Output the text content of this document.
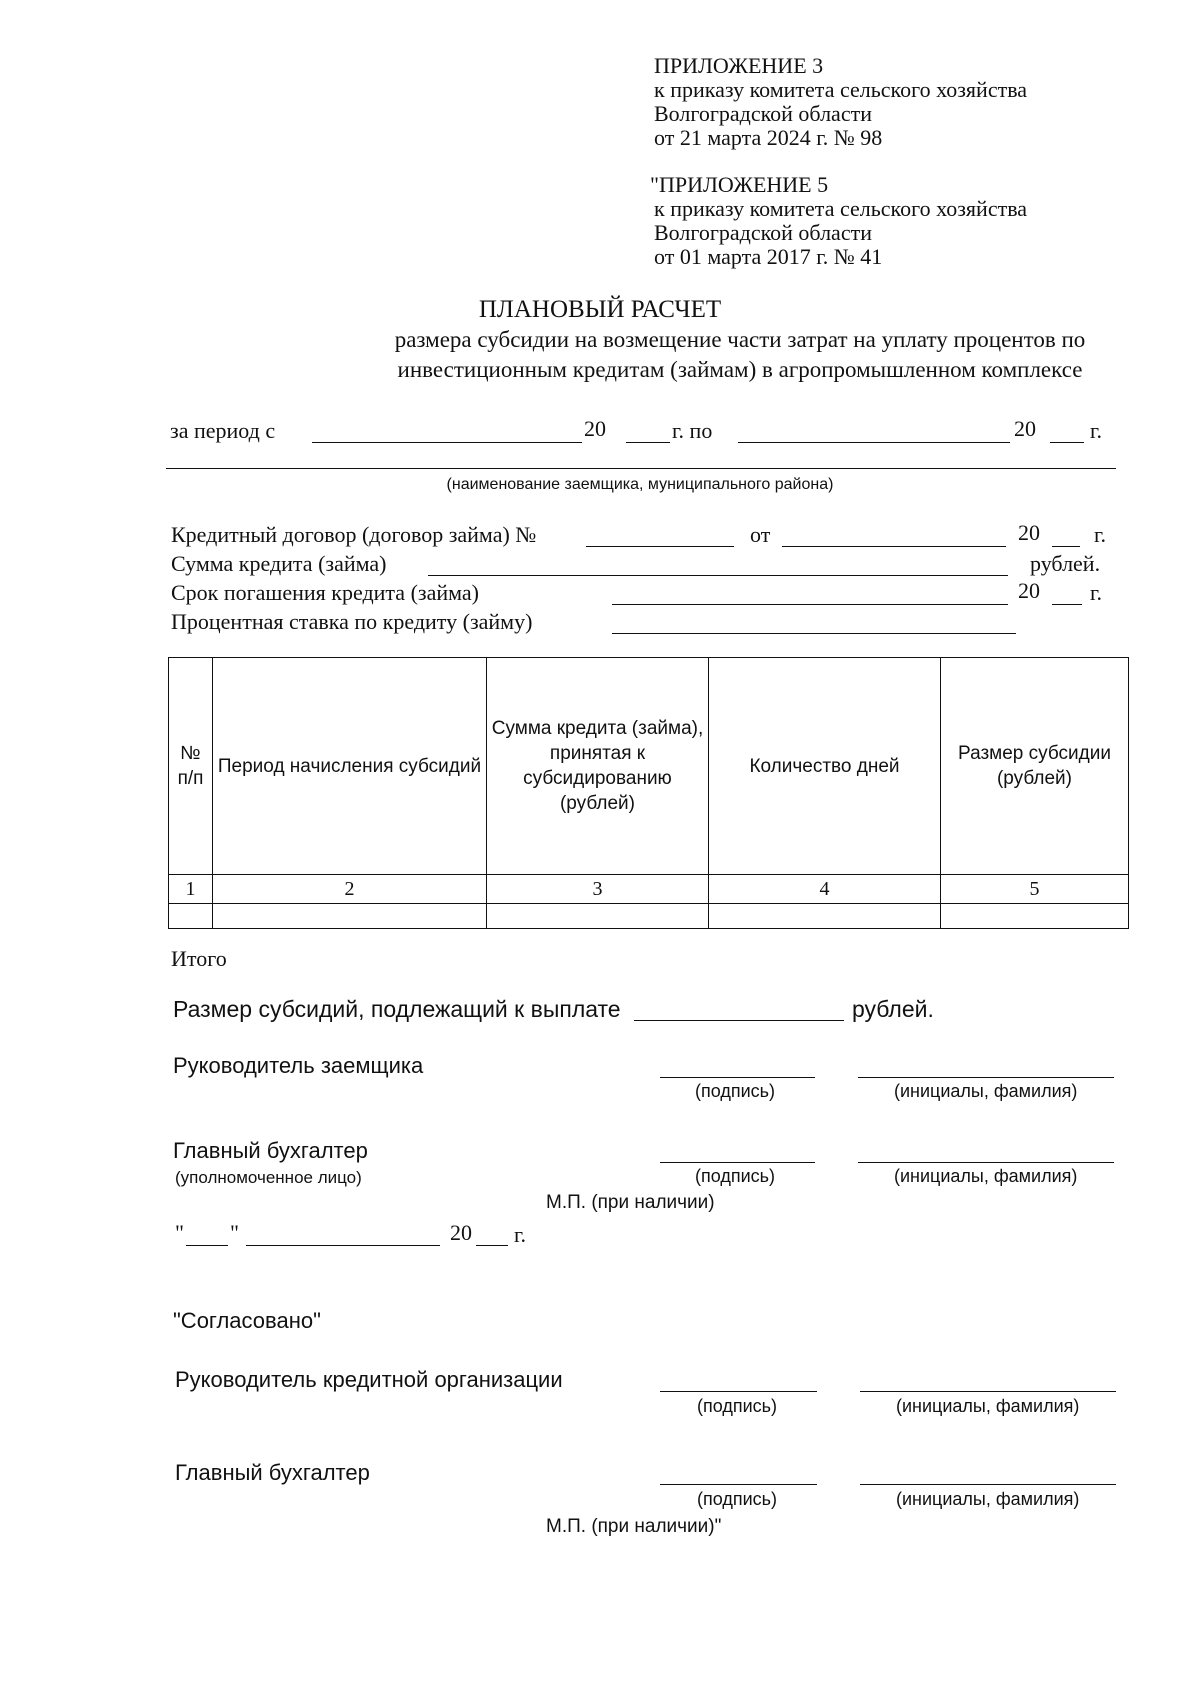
ПРИЛОЖЕНИЕ 3
к приказу комитета сельского хозяйства
Волгоградской области
от 21 марта 2024 г. № 98
"ПРИЛОЖЕНИЕ 5
к приказу комитета сельского хозяйства
Волгоградской области
от 01 марта 2017 г. № 41
ПЛАНОВЫЙ РАСЧЕТ
размера субсидии на возмещение части затрат на уплату процентов по
инвестиционным кредитам (займам) в агропромышленном комплексе
за период с	20	г. по	20 г.
(наименование заемщика, муниципального района)
Кредитный договор (договор займа) №	от	20 г.
Сумма кредита (займа)	рублей.
Срок погашения кредита (займа)	20 г.
Процентная ставка по кредиту (займу)
№ п/п	Период начисления субсидий	Сумма кредита (займа), принятая к субсидированию (рублей)	Количество дней	Размер субсидии (рублей)
1	2	3	4	5

Итого
Размер субсидий, подлежащий к выплате	рублей.
Руководитель заемщика
(подпись)	(инициалы, фамилия)
Главный бухгалтер
(уполномоченное лицо)	(подпись)	(инициалы, фамилия)
М.П. (при наличии)
" "	20 г.
"Согласовано"
Руководитель кредитной организации
(подпись)	(инициалы, фамилия)
Главный бухгалтер
(подпись)	(инициалы, фамилия)
М.П. (при наличии)"
